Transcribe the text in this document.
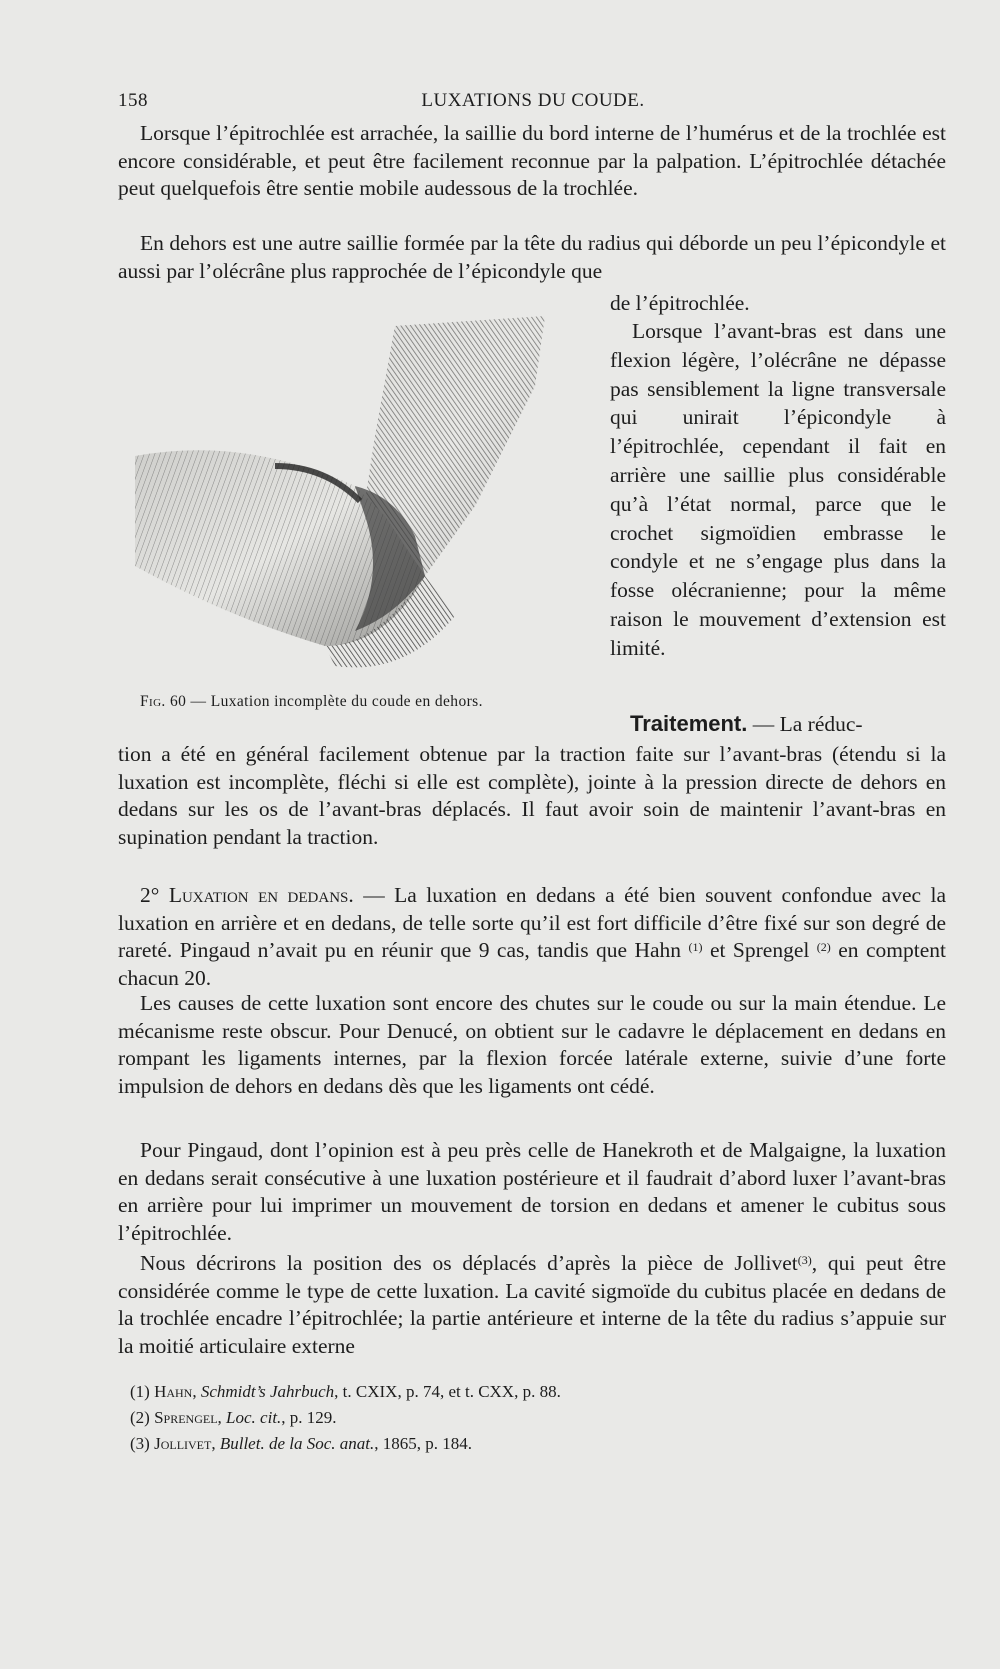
158	LUXATIONS DU COUDE.

Lorsque l’épitrochlée est arrachée, la saillie du bord interne de l’humérus et de la trochlée est encore considérable, et peut être facilement reconnue par la palpation. L’épitrochlée détachée peut quelquefois être sentie mobile audessous de la trochlée.

En dehors est une autre saillie formée par la tête du radius qui déborde un peu l’épicondyle et aussi par l’olécrâne plus rapprochée de l’épicondyle que

de l’épitrochlée.

Lorsque l’avant-bras est dans une flexion légère, l’olécrâne ne dépasse pas sensiblement la ligne transversale qui unirait l’épicondyle à l’épitrochlée, cependant il fait en arrière une saillie plus considérable qu’à l’état normal, parce que le crochet sigmoïdien embrasse le condyle et ne s’engage plus dans la fosse olécranienne; pour la même raison le mouvement d’extension est limité.

Fig. 60 — Luxation incomplète du coude en dehors.

Traitement. — La réduc-

tion a été en général facilement obtenue par la traction faite sur l’avant-bras (étendu si la luxation est incomplète, fléchi si elle est complète), jointe à la pression directe de dehors en dedans sur les os de l’avant-bras déplacés. Il faut avoir soin de maintenir l’avant-bras en supination pendant la traction.

2° Luxation en dedans. — La luxation en dedans a été bien souvent confondue avec la luxation en arrière et en dedans, de telle sorte qu’il est fort difficile d’être fixé sur son degré de rareté. Pingaud n’avait pu en réunir que 9 cas, tandis que Hahn $^{(1)}$ et Sprengel $^{(2)}$ en comptent chacun 20.

Les causes de cette luxation sont encore des chutes sur le coude ou sur la main étendue. Le mécanisme reste obscur. Pour Denucé, on obtient sur le cadavre le déplacement en dedans en rompant les ligaments internes, par la flexion forcée latérale externe, suivie d’une forte impulsion de dehors en dedans dès que les ligaments ont cédé.

Pour Pingaud, dont l’opinion est à peu près celle de Hanekroth et de Malgaigne, la luxation en dedans serait consécutive à une luxation postérieure et il faudrait d’abord luxer l’avant-bras en arrière pour lui imprimer un mouvement de torsion en dedans et amener le cubitus sous l’épitrochlée.

Nous décrirons la position des os déplacés d’après la pièce de Jollivet$^{(3)}$, qui peut être considérée comme le type de cette luxation. La cavité sigmoïde du cubitus placée en dedans de la trochlée encadre l’épitrochlée; la partie antérieure et interne de la tête du radius s’appuie sur la moitié articulaire externe

(1) Hahn, Schmidt’s Jahrbuch, t. CXIX, p. 74, et t. CXX, p. 88.

(2) Sprengel, Loc. cit., p. 129.

(3) Jollivet, Bullet. de la Soc. anat., 1865, p. 184.
